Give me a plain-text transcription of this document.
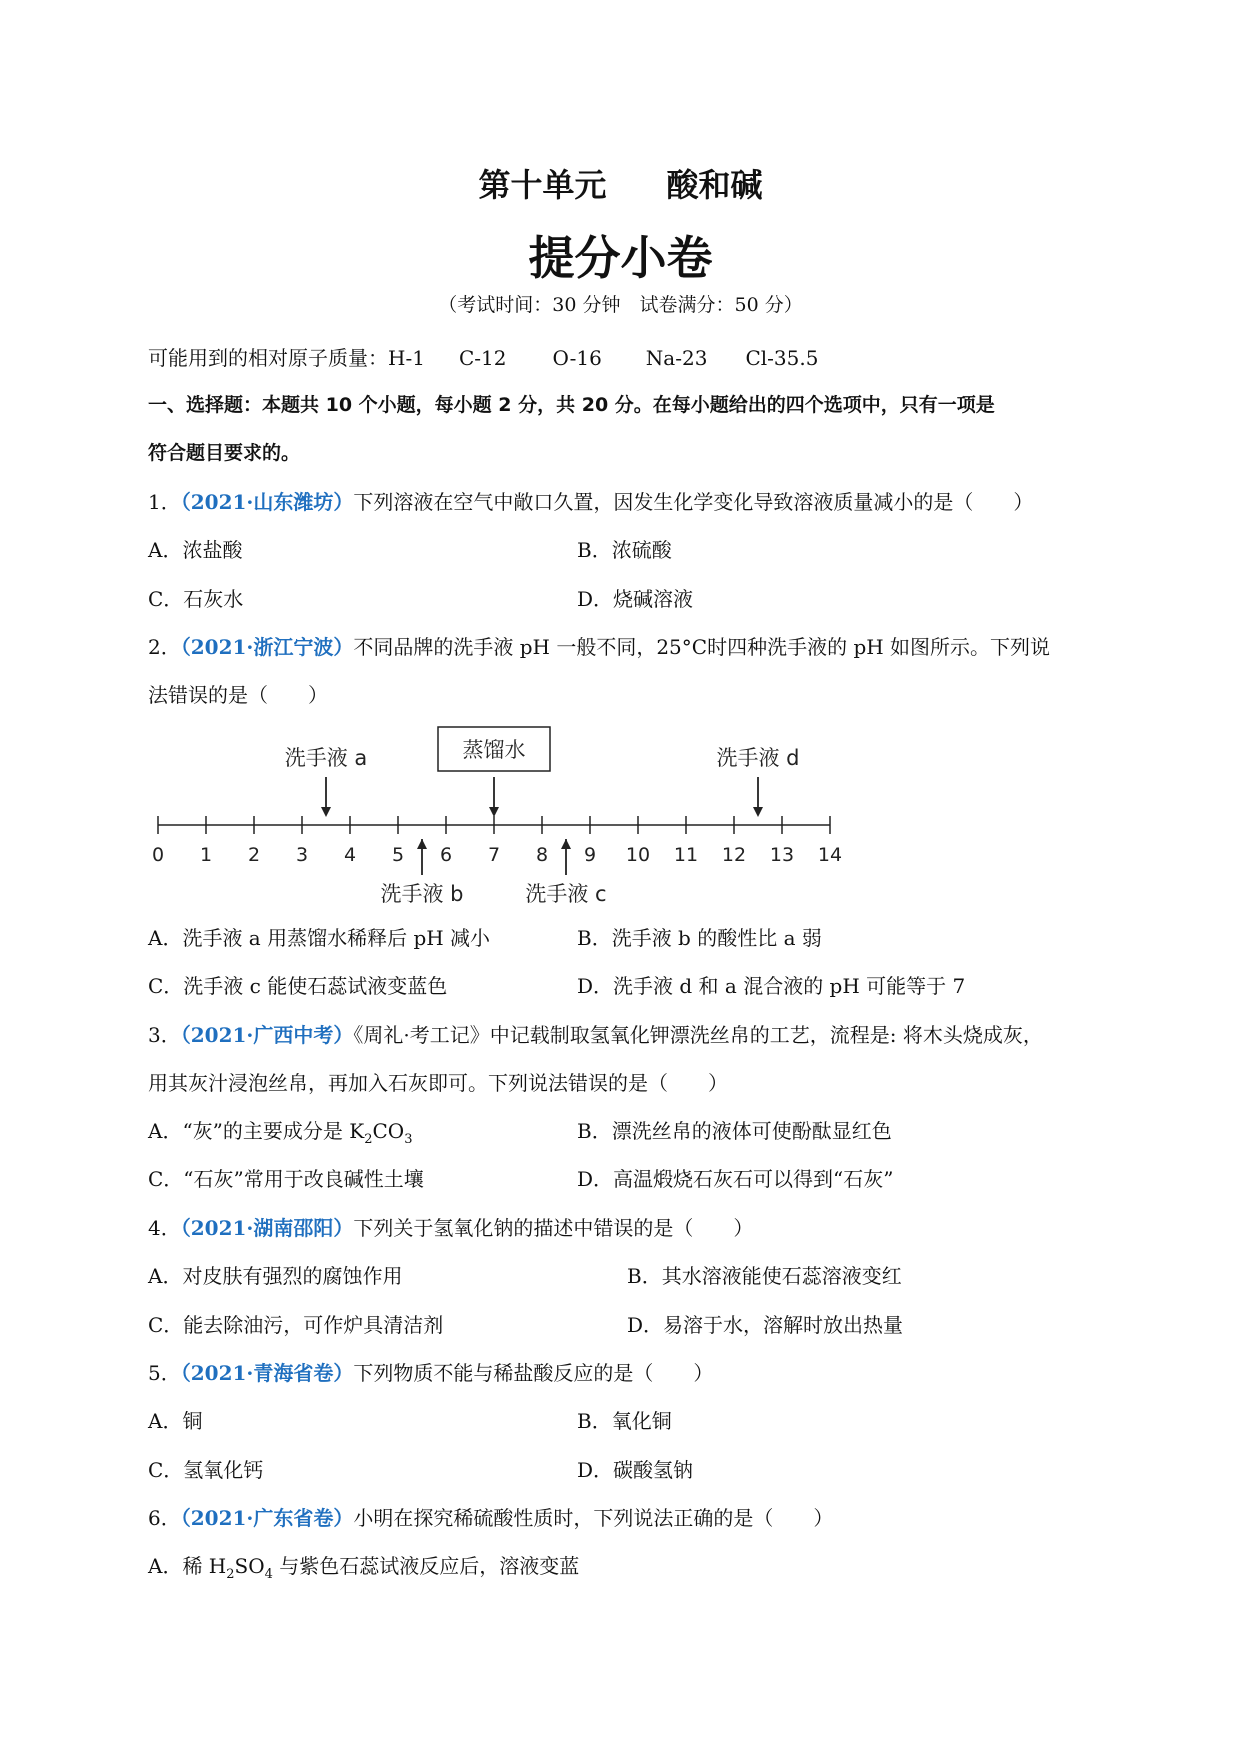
第十单元 酸和碱
提分小卷
（考试时间：30 分钟　试卷满分：50 分）
可能用到的相对原子质量：H-1 C-12 O-16 Na-23 Cl-35.5
一、选择题：本题共 10 个小题，每小题 2 分，共 20 分。在每小题给出的四个选项中，只有一项是
符合题目要求的。
1．（2021·山东潍坊）下列溶液在空气中敞口久置，因发生化学变化导致溶液质量减小的是（　　）
A．浓盐酸	B．浓硫酸
C．石灰水	D．烧碱溶液
2．（2021·浙江宁波）不同品牌的洗手液 pH 一般不同，25°C时四种洗手液的 pH 如图所示。下列说
法错误的是（　　）
0 1 2 3 4 5 6 7 8 9 10 11 12 13 14
洗手液 a	蒸馏水	洗手液 d
洗手液 b	洗手液 c
A．洗手液 a 用蒸馏水稀释后 pH 减小	B．洗手液 b 的酸性比 a 弱
C．洗手液 c 能使石蕊试液变蓝色	D．洗手液 d 和 a 混合液的 pH 可能等于 7
3．（2021·广西中考）《周礼·考工记》中记载制取氢氧化钾漂洗丝帛的工艺，流程是: 将木头烧成灰，
用其灰汁浸泡丝帛，再加入石灰即可。下列说法错误的是（　　）
A．“灰”的主要成分是 $K_2CO_3$	B．漂洗丝帛的液体可使酚酞显红色
C．“石灰”常用于改良碱性土壤	D．高温煅烧石灰石可以得到“石灰”
4．（2021·湖南邵阳）下列关于氢氧化钠的描述中错误的是（　　）
A．对皮肤有强烈的腐蚀作用	B．其水溶液能使石蕊溶液变红
C．能去除油污，可作炉具清洁剂	D．易溶于水，溶解时放出热量
5．（2021·青海省卷）下列物质不能与稀盐酸反应的是（　　）
A．铜	B．氧化铜
C．氢氧化钙	D．碳酸氢钠
6．（2021·广东省卷）小明在探究稀硫酸性质时，下列说法正确的是（　　）
A．稀 $H_2SO_4$ 与紫色石蕊试液反应后，溶液变蓝
